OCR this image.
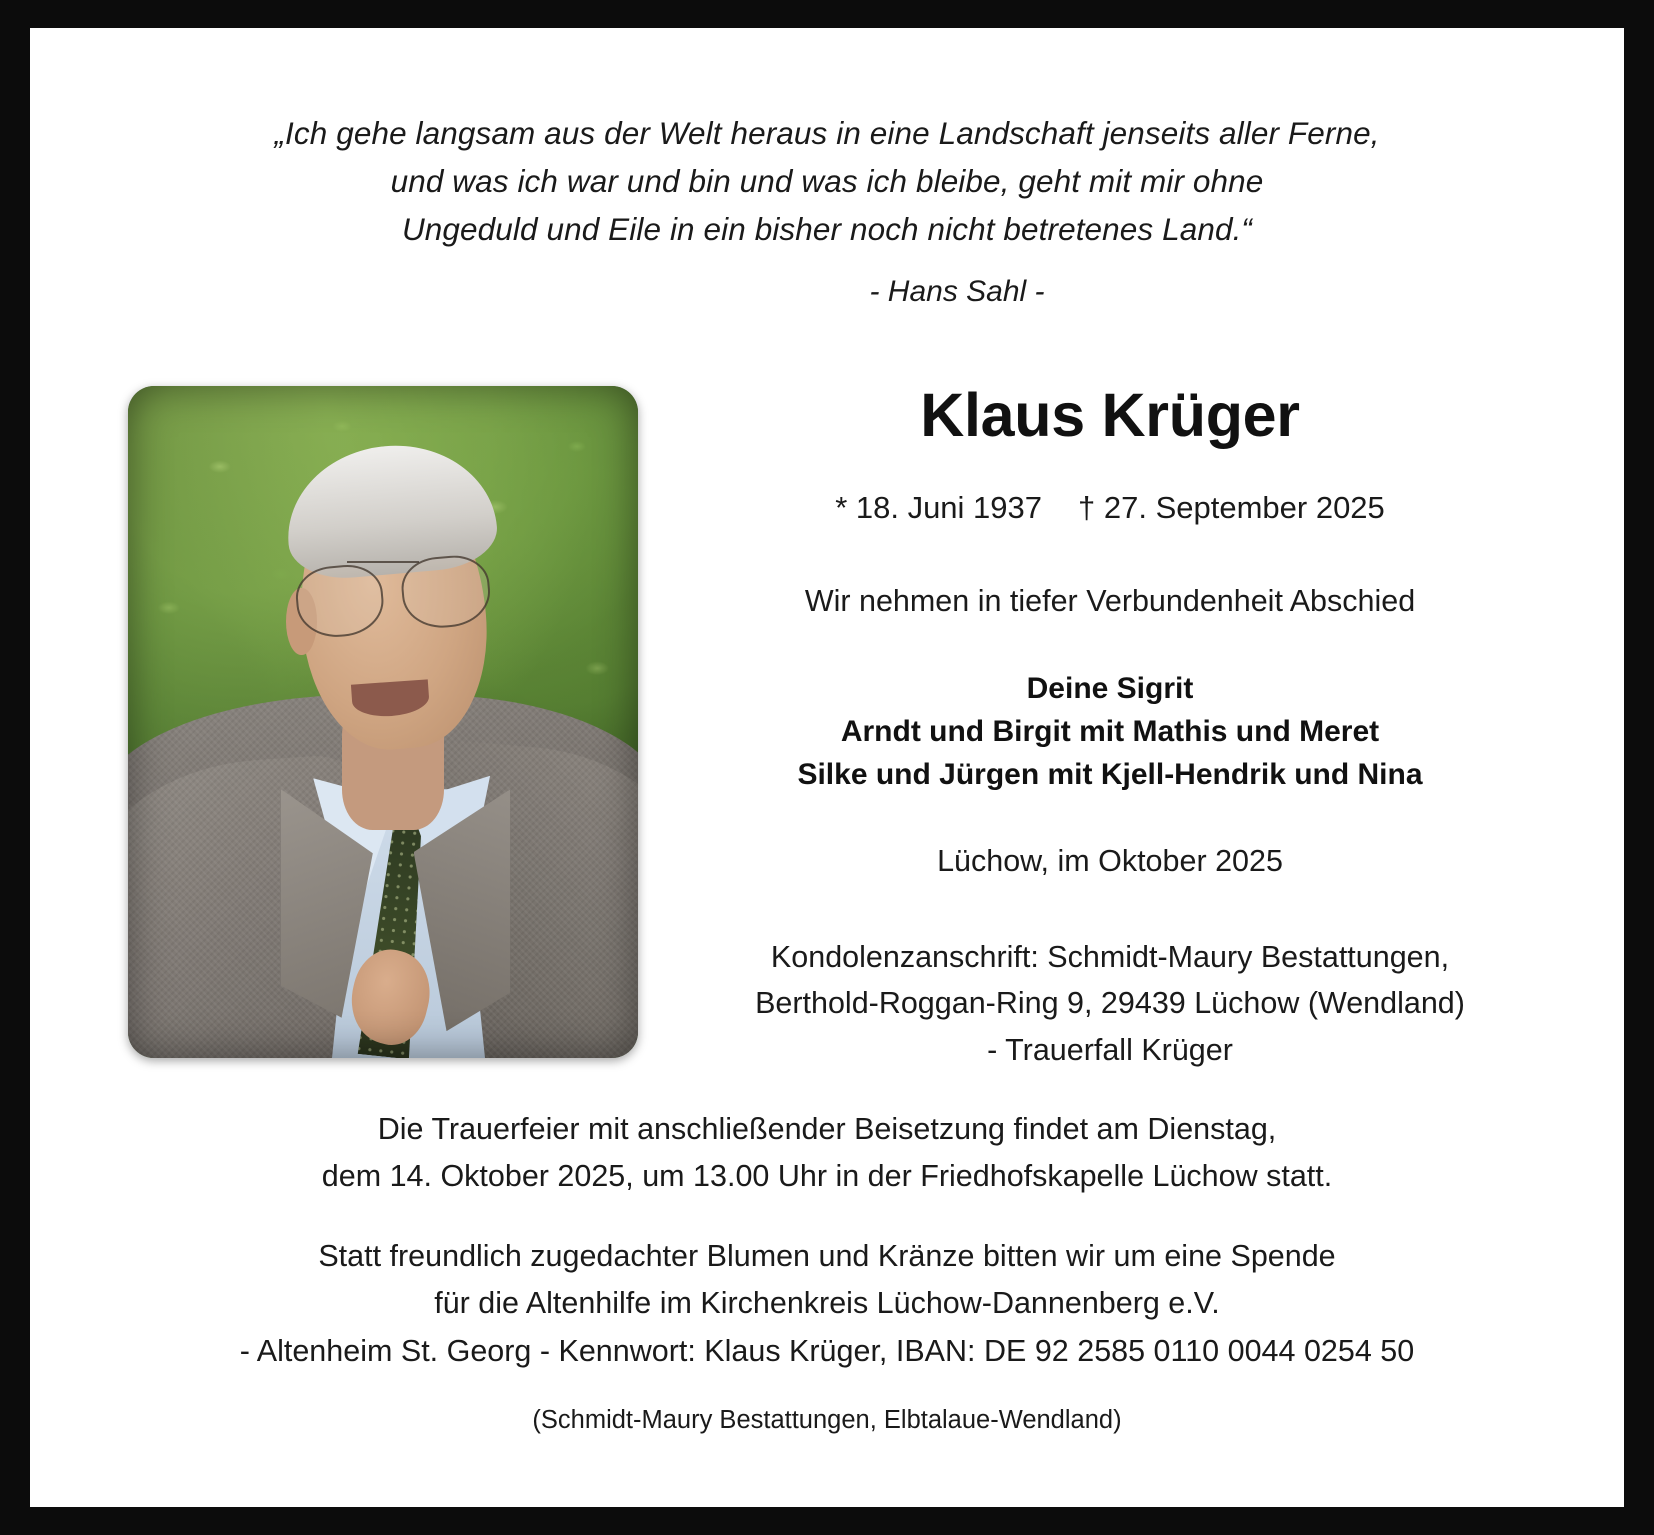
„Ich gehe langsam aus der Welt heraus in eine Landschaft jenseits aller Ferne,
und was ich war und bin und was ich bleibe, geht mit mir ohne
Ungeduld und Eile in ein bisher noch nicht betretenes Land.“
- Hans Sahl -
Klaus Krüger
* 18. Juni 1937 † 27. September 2025
Wir nehmen in tiefer Verbundenheit Abschied
Deine Sigrit
Arndt und Birgit mit Mathis und Meret
Silke und Jürgen mit Kjell-Hendrik und Nina
Lüchow, im Oktober 2025
Kondolenzanschrift: Schmidt-Maury Bestattungen,
Berthold-Roggan-Ring 9, 29439 Lüchow (Wendland)
- Trauerfall Krüger
Die Trauerfeier mit anschließender Beisetzung findet am Dienstag,
dem 14. Oktober 2025, um 13.00 Uhr in der Friedhofskapelle Lüchow statt.
Statt freundlich zugedachter Blumen und Kränze bitten wir um eine Spende
für die Altenhilfe im Kirchenkreis Lüchow-Dannenberg e.V.
- Altenheim St. Georg - Kennwort: Klaus Krüger, IBAN: DE 92 2585 0110 0044 0254 50
(Schmidt-Maury Bestattungen, Elbtalaue-Wendland)
